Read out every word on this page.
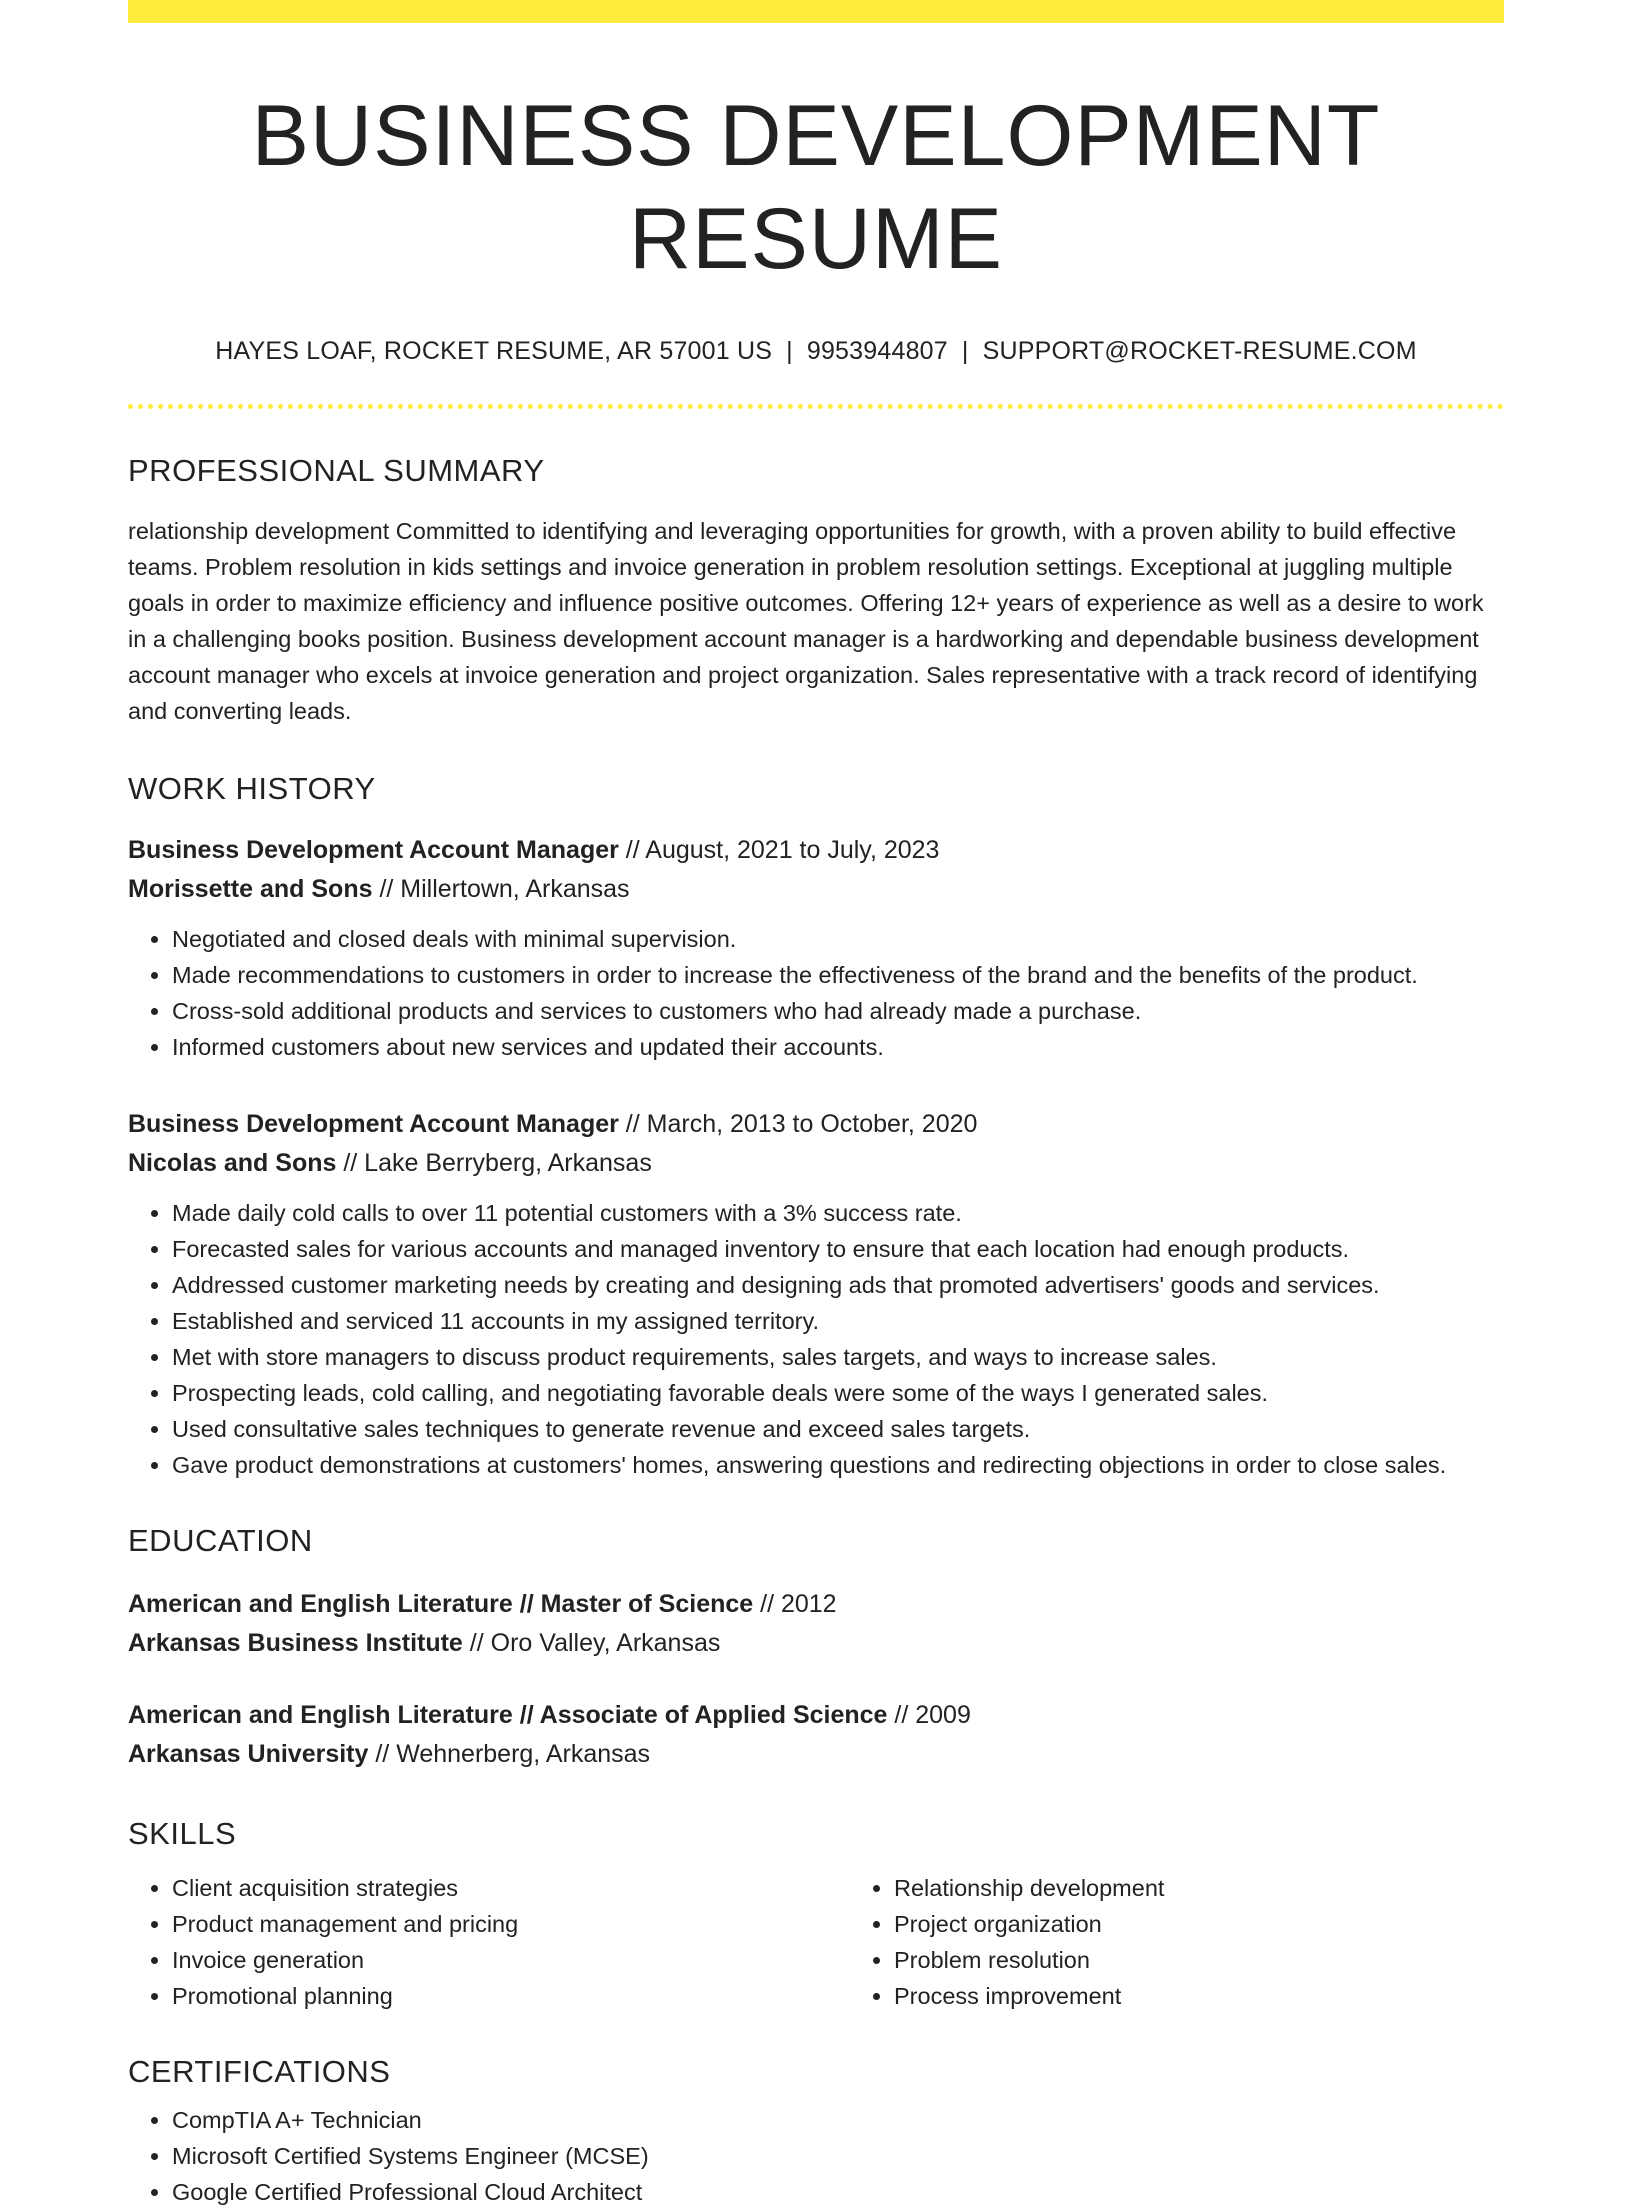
BUSINESS DEVELOPMENT RESUME
HAYES LOAF, ROCKET RESUME, AR 57001 US | 9953944807 | SUPPORT@ROCKET-RESUME.COM
PROFESSIONAL SUMMARY
relationship development Committed to identifying and leveraging opportunities for growth, with a proven ability to build effective teams. Problem resolution in kids settings and invoice generation in problem resolution settings. Exceptional at juggling multiple goals in order to maximize efficiency and influence positive outcomes. Offering 12+ years of experience as well as a desire to work in a challenging books position. Business development account manager is a hardworking and dependable business development account manager who excels at invoice generation and project organization. Sales representative with a track record of identifying and converting leads.
WORK HISTORY
Business Development Account Manager // August, 2021 to July, 2023
Morissette and Sons // Millertown, Arkansas
• Negotiated and closed deals with minimal supervision.
• Made recommendations to customers in order to increase the effectiveness of the brand and the benefits of the product.
• Cross-sold additional products and services to customers who had already made a purchase.
• Informed customers about new services and updated their accounts.
Business Development Account Manager // March, 2013 to October, 2020
Nicolas and Sons // Lake Berryberg, Arkansas
• Made daily cold calls to over 11 potential customers with a 3% success rate.
• Forecasted sales for various accounts and managed inventory to ensure that each location had enough products.
• Addressed customer marketing needs by creating and designing ads that promoted advertisers' goods and services.
• Established and serviced 11 accounts in my assigned territory.
• Met with store managers to discuss product requirements, sales targets, and ways to increase sales.
• Prospecting leads, cold calling, and negotiating favorable deals were some of the ways I generated sales.
• Used consultative sales techniques to generate revenue and exceed sales targets.
• Gave product demonstrations at customers' homes, answering questions and redirecting objections in order to close sales.
EDUCATION
American and English Literature // Master of Science // 2012
Arkansas Business Institute // Oro Valley, Arkansas
American and English Literature // Associate of Applied Science // 2009
Arkansas University // Wehnerberg, Arkansas
SKILLS
• Client acquisition strategies
• Product management and pricing
• Invoice generation
• Promotional planning
• Relationship development
• Project organization
• Problem resolution
• Process improvement
CERTIFICATIONS
• CompTIA A+ Technician
• Microsoft Certified Systems Engineer (MCSE)
• Google Certified Professional Cloud Architect
